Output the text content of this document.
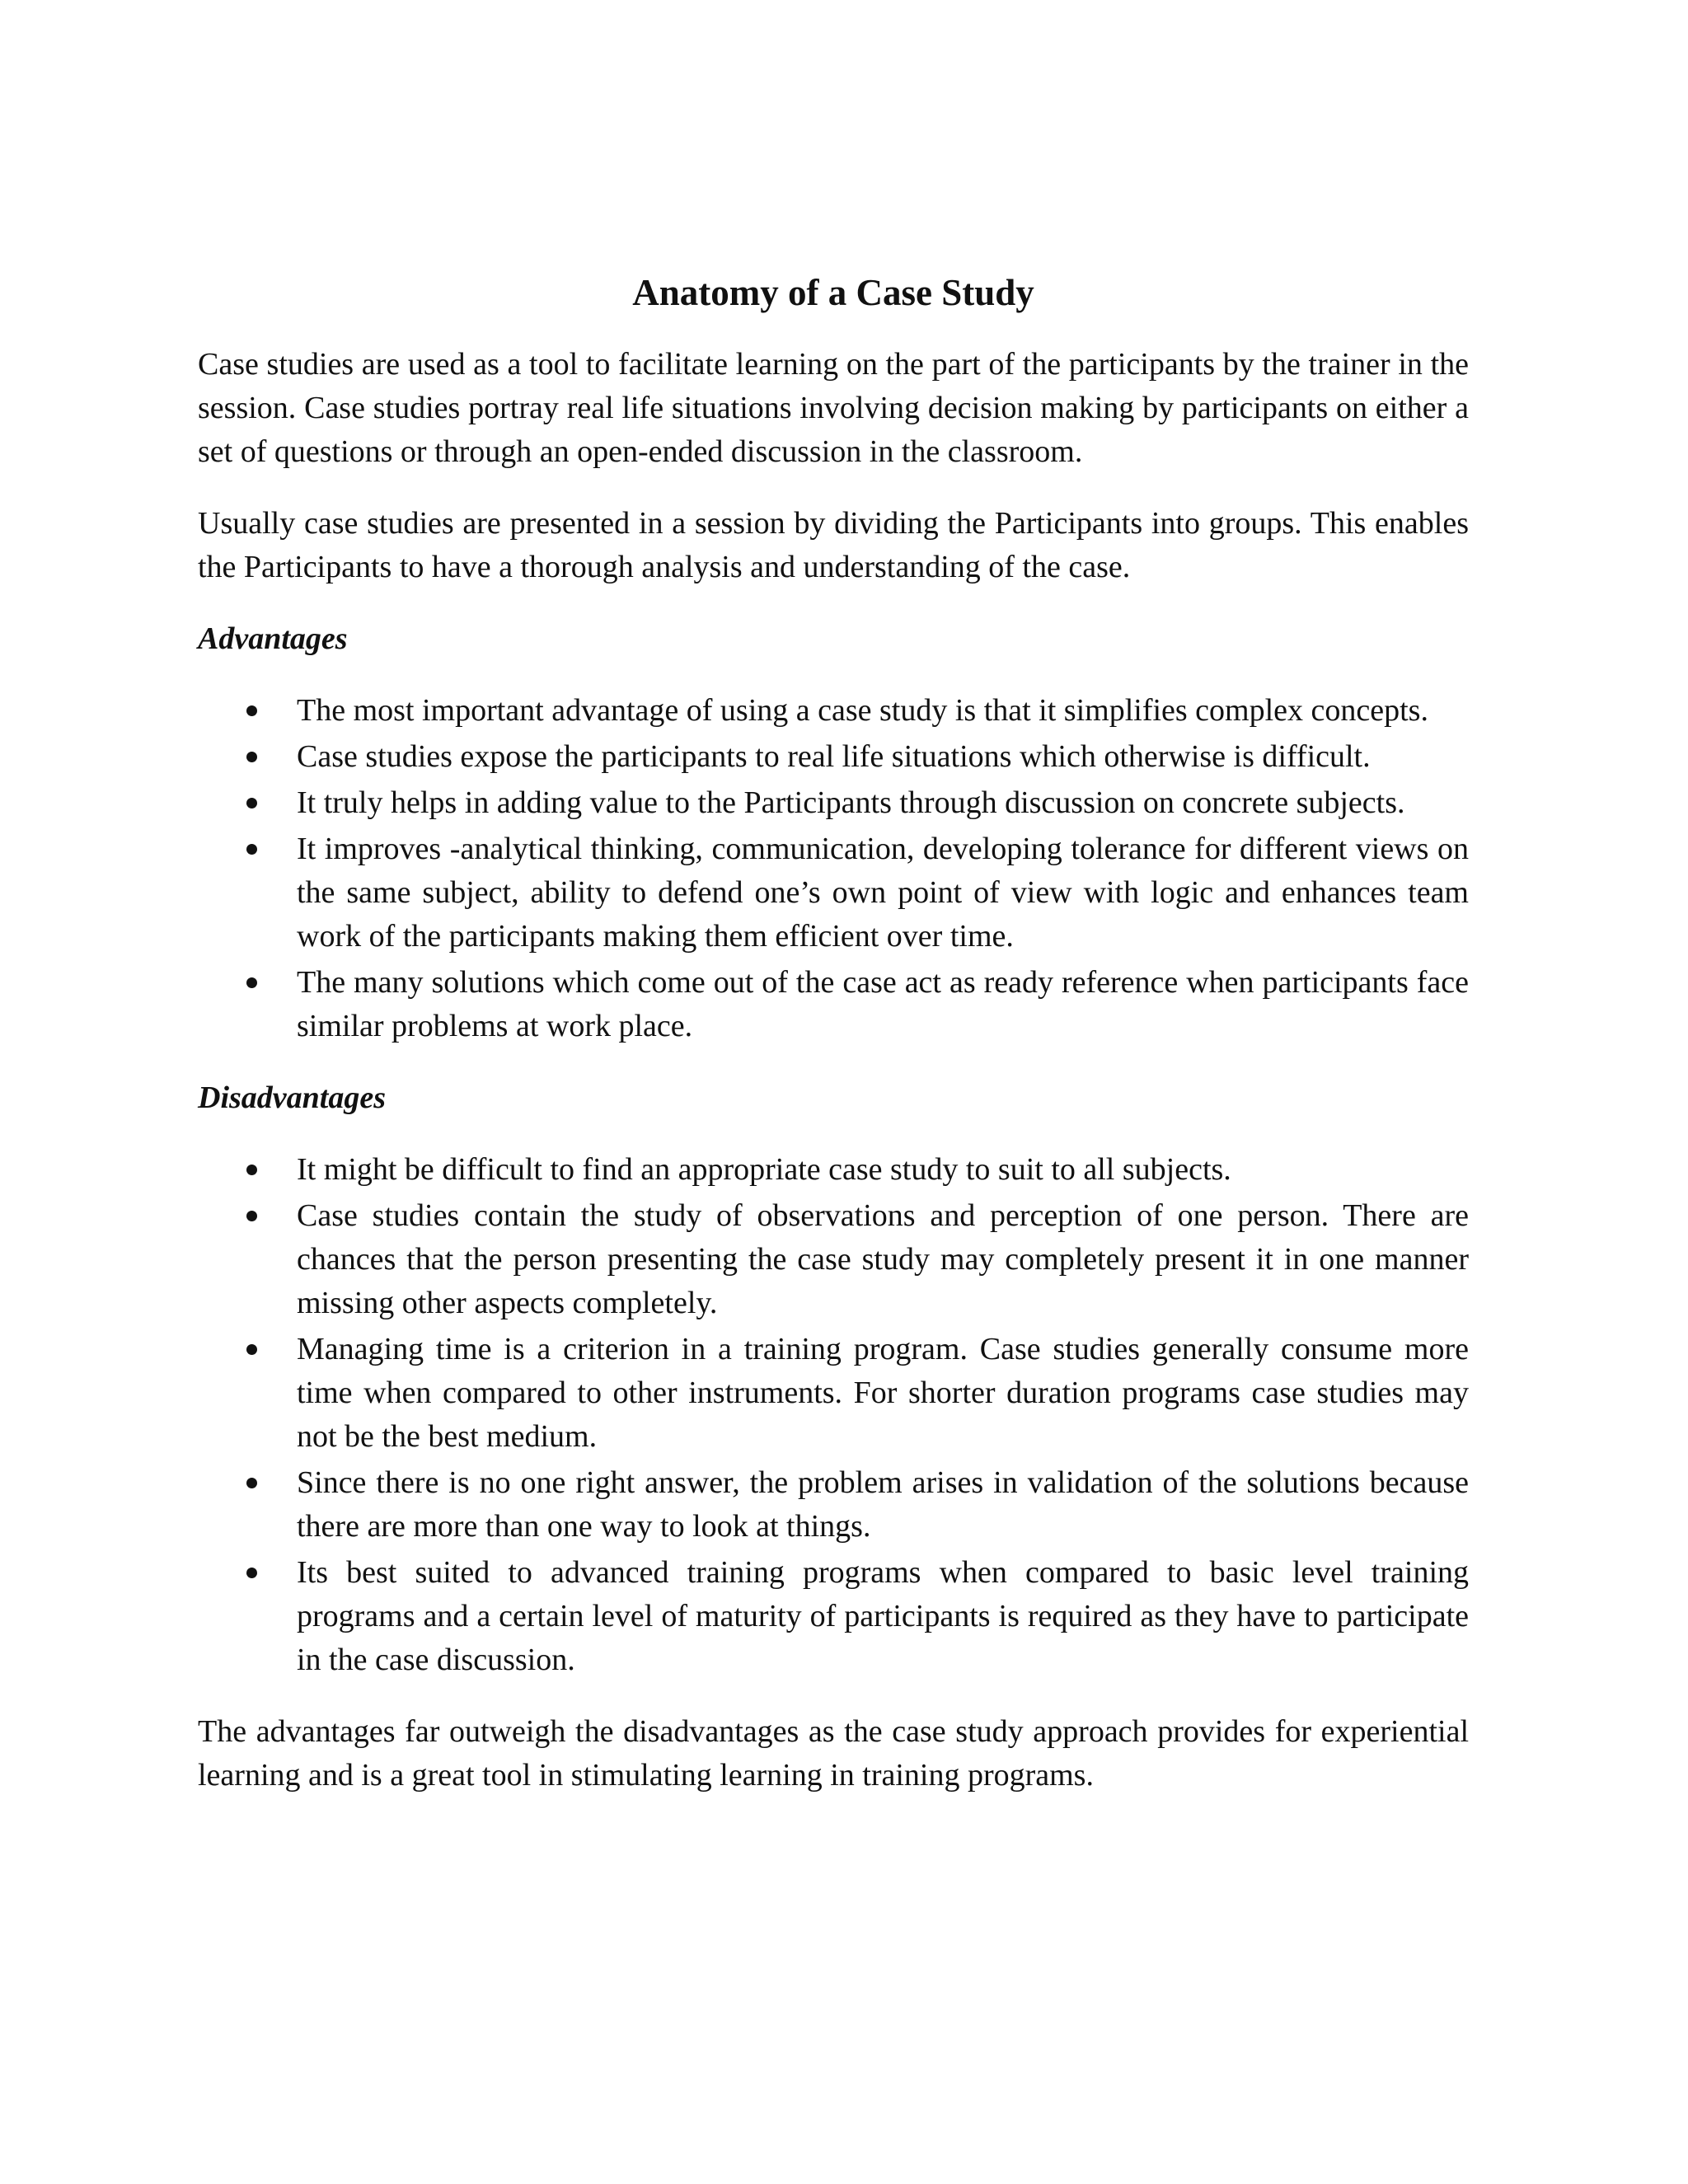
Anatomy of a Case Study

Case studies are used as a tool to facilitate learning on the part of the participants by the trainer in the session. Case studies portray real life situations involving decision making by participants on either a set of questions or through an open-ended discussion in the classroom.

Usually case studies are presented in a session by dividing the Participants into groups. This enables the Participants to have a thorough analysis and understanding of the case.

Advantages
The most important advantage of using a case study is that it simplifies complex concepts.
Case studies expose the participants to real life situations which otherwise is difficult.
It truly helps in adding value to the Participants through discussion on concrete subjects.
It improves -analytical thinking, communication, developing tolerance for different views on the same subject, ability to defend one’s own point of view with logic and enhances team work of the participants making them efficient over time.
The many solutions which come out of the case act as ready reference when participants face similar problems at work place.
Disadvantages
It might be difficult to find an appropriate case study to suit to all subjects.
Case studies contain the study of observations and perception of one person. There are chances that the person presenting the case study may completely present it in one manner missing other aspects completely.
Managing time is a criterion in a training program. Case studies generally consume more time when compared to other instruments. For shorter duration programs case studies may not be the best medium.
Since there is no one right answer, the problem arises in validation of the solutions because there are more than one way to look at things.
Its best suited to advanced training programs when compared to basic level training programs and a certain level of maturity of participants is required as they have to participate in the case discussion.

The advantages far outweigh the disadvantages as the case study approach provides for experiential learning and is a great tool in stimulating learning in training programs.
